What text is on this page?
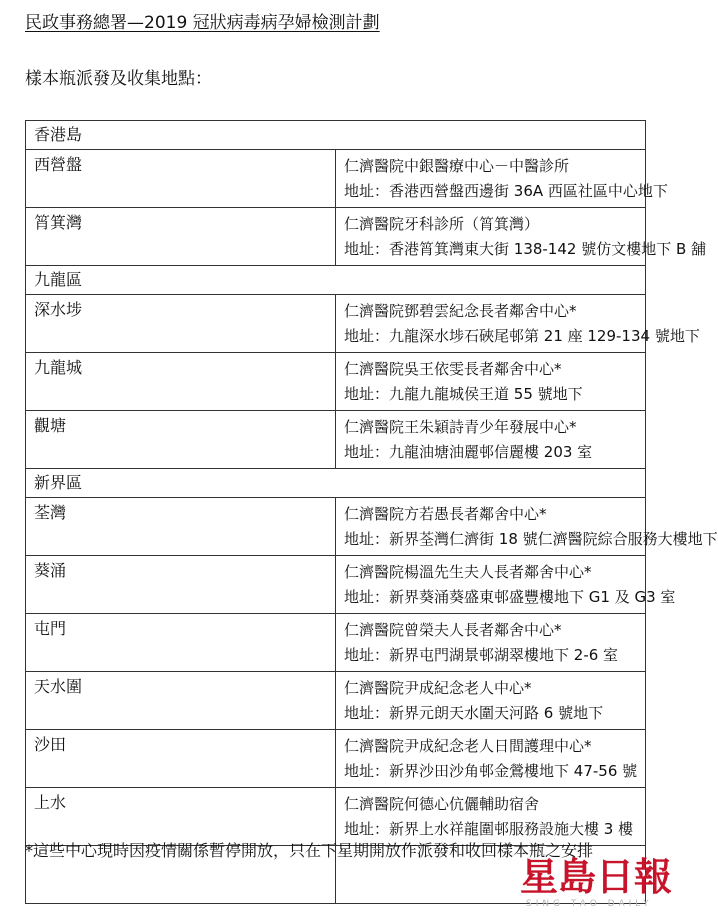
民政事務總署—2019 冠狀病毒病孕婦檢測計劃
樣本瓶派發及收集地點：
香港島	
西營盤	仁濟醫院中銀醫療中心－中醫診所
地址：香港西營盤西邊街 36A 西區社區中心地下

筲箕灣	仁濟醫院牙科診所（筲箕灣）
地址：香港筲箕灣東大街 138-142 號仿文樓地下 B 舖

九龍區	
深水埗	仁濟醫院鄧碧雲紀念長者鄰舍中心*
地址：九龍深水埗石硤尾邨第 21 座 129-134 號地下

九龍城	仁濟醫院吳王依雯長者鄰舍中心*
地址：九龍九龍城侯王道 55 號地下

觀塘	仁濟醫院王朱穎詩青少年發展中心*
地址：九龍油塘油麗邨信麗樓 203 室

新界區	
荃灣	仁濟醫院方若愚長者鄰舍中心*
地址：新界荃灣仁濟街 18 號仁濟醫院綜合服務大樓地下

葵涌	仁濟醫院楊溫先生夫人長者鄰舍中心*
地址：新界葵涌葵盛東邨盛豐樓地下 G1 及 G3 室

屯門	仁濟醫院曾榮夫人長者鄰舍中心*
地址：新界屯門湖景邨湖翠樓地下 2-6 室

天水圍	仁濟醫院尹成紀念老人中心*
地址：新界元朗天水圍天河路 6 號地下

沙田	仁濟醫院尹成紀念老人日間護理中心*
地址：新界沙田沙角邨金鶯樓地下 47-56 號

上水	仁濟醫院何德心伉儷輔助宿舍
地址：新界上水祥龍圍邨服務設施大樓 3 樓

*這些中心現時因疫情關係暫停開放，只在下星期開放作派發和收回樣本瓶之安排
星島日報
SING TAO DAILY
